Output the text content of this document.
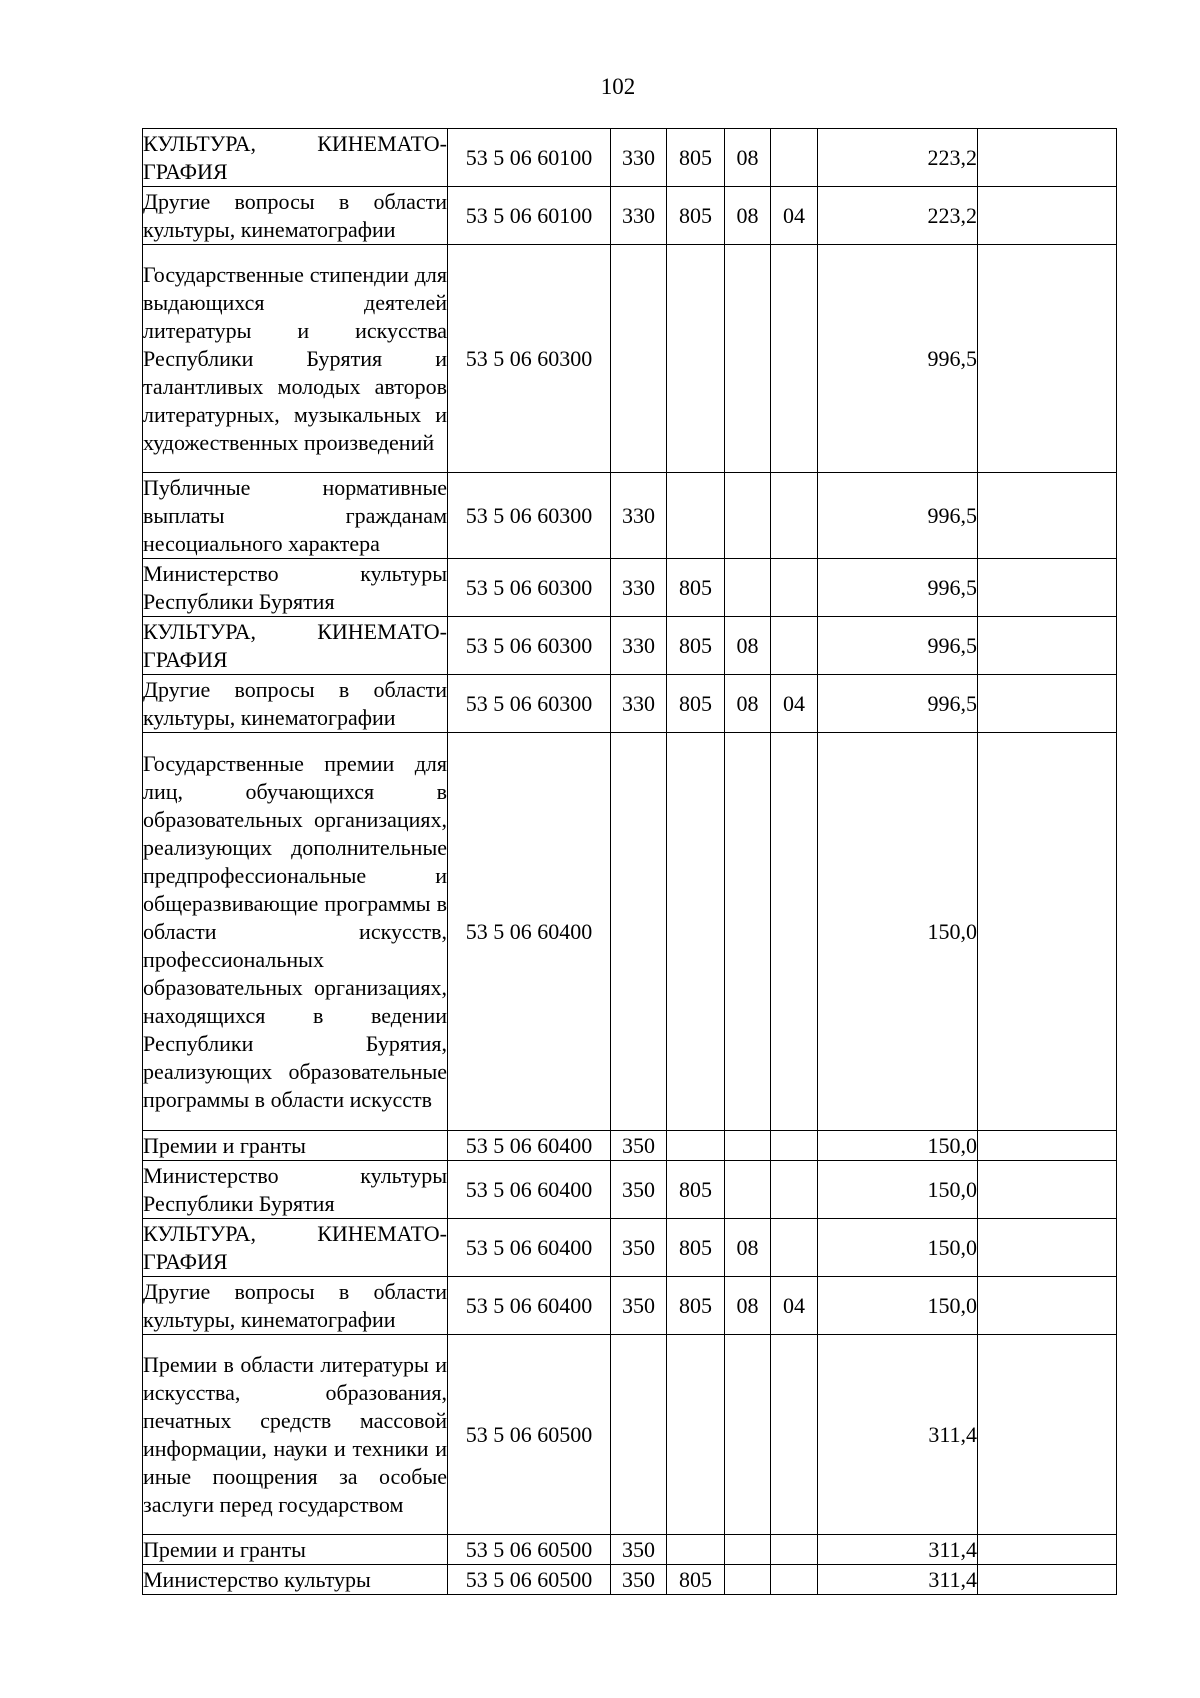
102
КУЛЬТУРА, КИНЕМАТО-ГРАФИЯ	53 5 06 60100	330	805	08		223,2	
Другие вопросы в области культуры, кинематографии	53 5 06 60100	330	805	08	04	223,2	
Государственные стипендии для выдающихся деятелей литературы и искусства Республики Бурятия и талантливых молодых авторов литературных, музыкальных и художественных произведений	53 5 06 60300					996,5	
Публичные нормативные выплаты гражданам несоциального характера	53 5 06 60300	330				996,5	
Министерство культуры Республики Бурятия	53 5 06 60300	330	805			996,5	
КУЛЬТУРА, КИНЕМАТО-ГРАФИЯ	53 5 06 60300	330	805	08		996,5	
Другие вопросы в области культуры, кинематографии	53 5 06 60300	330	805	08	04	996,5	
Государственные премии для лиц, обучающихся в образовательных организациях, реализующих дополнительные предпрофессиональные и общеразвивающие программы в области искусств, профессиональных образовательных организациях, находящихся в ведении Республики Бурятия, реализующих образовательные программы в области искусств	53 5 06 60400					150,0	
Премии и гранты	53 5 06 60400	350				150,0	
Министерство культуры Республики Бурятия	53 5 06 60400	350	805			150,0	
КУЛЬТУРА, КИНЕМАТО-ГРАФИЯ	53 5 06 60400	350	805	08		150,0	
Другие вопросы в области культуры, кинематографии	53 5 06 60400	350	805	08	04	150,0	
Премии в области литературы и искусства, образования, печатных средств массовой информации, науки и техники и иные поощрения за особые заслуги перед государством	53 5 06 60500					311,4	
Премии и гранты	53 5 06 60500	350				311,4	
Министерство культуры	53 5 06 60500	350	805			311,4	
